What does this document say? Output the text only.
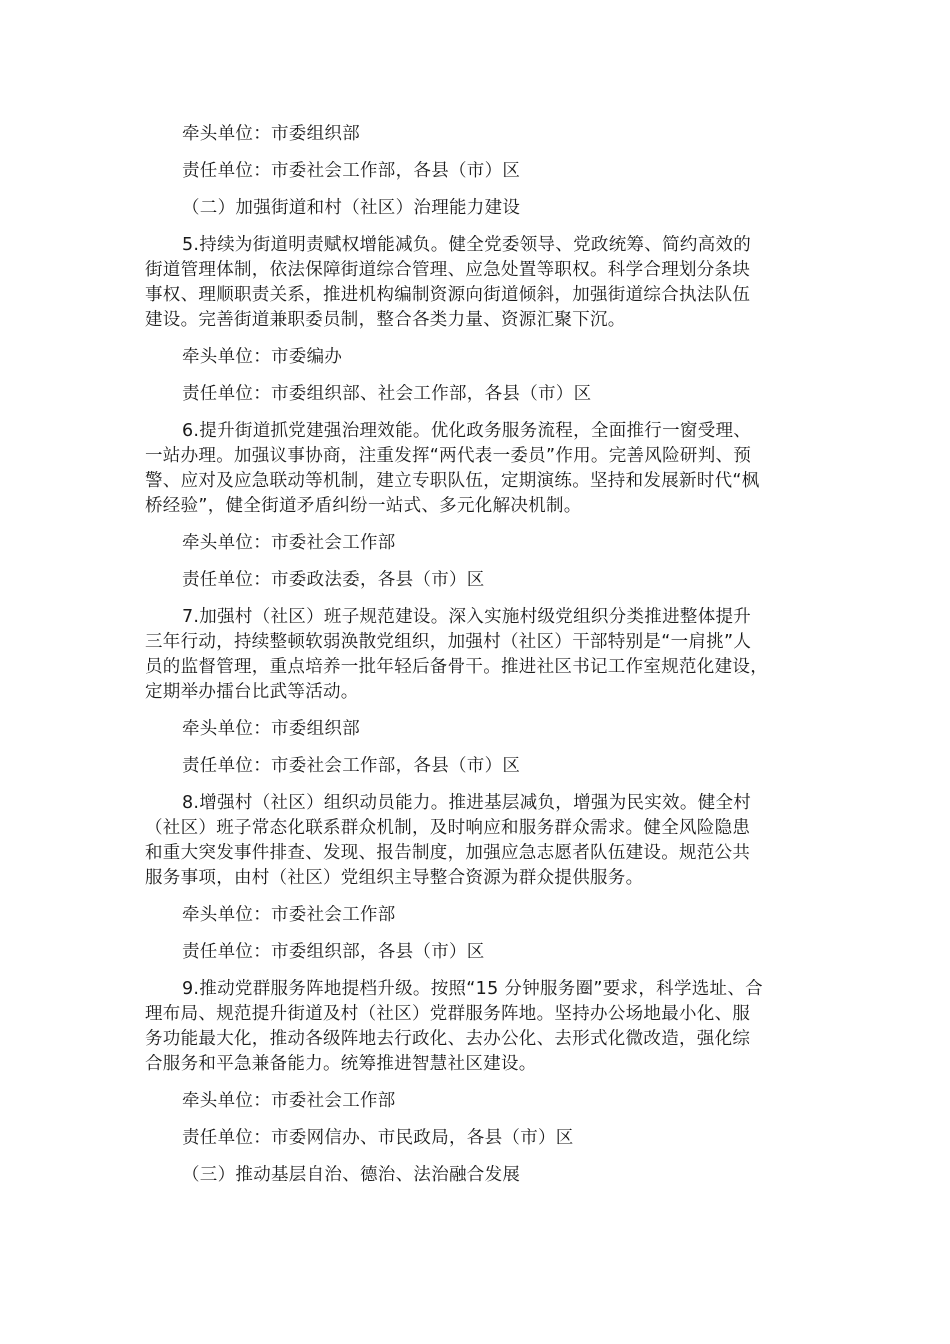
牵头单位：市委组织部
责任单位：市委社会工作部，各县（市）区
（二）加强街道和村（社区）治理能力建设
5.持续为街道明责赋权增能减负。健全党委领导、党政统筹、简约高效的
街道管理体制，依法保障街道综合管理、应急处置等职权。科学合理划分条块
事权、理顺职责关系，推进机构编制资源向街道倾斜，加强街道综合执法队伍
建设。完善街道兼职委员制，整合各类力量、资源汇聚下沉。
牵头单位：市委编办
责任单位：市委组织部、社会工作部，各县（市）区
6.提升街道抓党建强治理效能。优化政务服务流程，全面推行一窗受理、
一站办理。加强议事协商，注重发挥“两代表一委员”作用。完善风险研判、预
警、应对及应急联动等机制，建立专职队伍，定期演练。坚持和发展新时代“枫
桥经验”，健全街道矛盾纠纷一站式、多元化解决机制。
牵头单位：市委社会工作部
责任单位：市委政法委，各县（市）区
7.加强村（社区）班子规范建设。深入实施村级党组织分类推进整体提升
三年行动，持续整顿软弱涣散党组织，加强村（社区）干部特别是“一肩挑”人
员的监督管理，重点培养一批年轻后备骨干。推进社区书记工作室规范化建设，
定期举办擂台比武等活动。
牵头单位：市委组织部
责任单位：市委社会工作部，各县（市）区
8.增强村（社区）组织动员能力。推进基层减负，增强为民实效。健全村
（社区）班子常态化联系群众机制，及时响应和服务群众需求。健全风险隐患
和重大突发事件排查、发现、报告制度，加强应急志愿者队伍建设。规范公共
服务事项，由村（社区）党组织主导整合资源为群众提供服务。
牵头单位：市委社会工作部
责任单位：市委组织部，各县（市）区
9.推动党群服务阵地提档升级。按照“15 分钟服务圈”要求，科学选址、合
理布局、规范提升街道及村（社区）党群服务阵地。坚持办公场地最小化、服
务功能最大化，推动各级阵地去行政化、去办公化、去形式化微改造，强化综
合服务和平急兼备能力。统筹推进智慧社区建设。
牵头单位：市委社会工作部
责任单位：市委网信办、市民政局，各县（市）区
（三）推动基层自治、德治、法治融合发展
